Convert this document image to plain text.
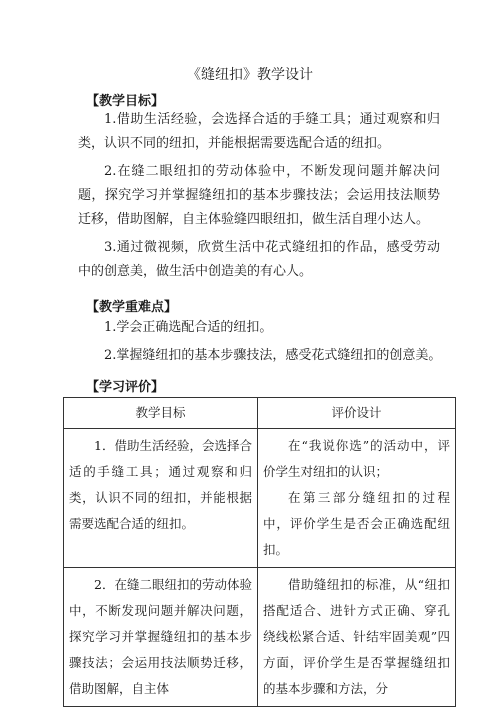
《缝纽扣》教学设计
【教学目标】

1.借助生活经验，会选择合适的手缝工具；通过观察和归类，认识不同的纽扣，并能根据需要选配合适的纽扣。

2.在缝二眼纽扣的劳动体验中，不断发现问题并解决问题，探究学习并掌握缝纽扣的基本步骤技法；会运用技法顺势迁移，借助图解，自主体验缝四眼纽扣，做生活自理小达人。

3.通过微视频，欣赏生活中花式缝纽扣的作品，感受劳动中的创意美，做生活中创造美的有心人。

【教学重难点】
1.学会正确选配合适的纽扣。
2.掌握缝纽扣的基本步骤技法，感受花式缝纽扣的创意美。
【学习评价】
教学目标	评价设计

1．借助生活经验，会选择合适的手缝工具；通过观察和归类，认识不同的纽扣，并能根据需要选配合适的纽扣。	在“我说你选”的活动中，评价学生对纽扣的认识；

在第三部分缝纽扣的过程中，评价学生是否会正确选配纽扣。

2．在缝二眼纽扣的劳动体验中，不断发现问题并解决问题，探究学习并掌握缝纽扣的基本步骤技法；会运用技法顺势迁移，借助图解，自主体	借助缝纽扣的标准，从“纽扣搭配适合、进针方式正确、穿孔绕线松紧合适、针结牢固美观”四方面，评价学生是否掌握缝纽扣的基本步骤和方法，分
